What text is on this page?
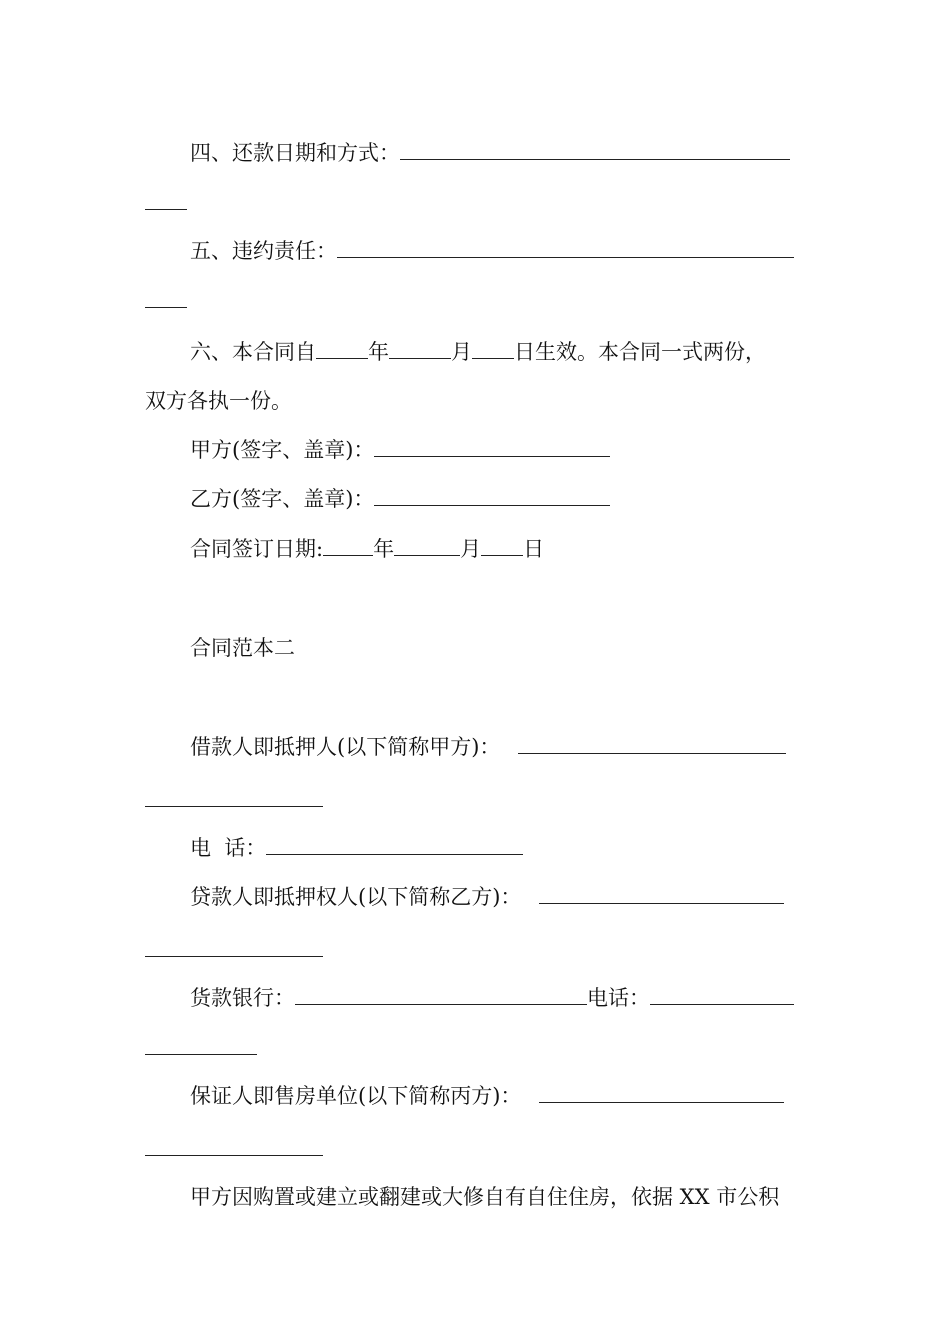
四、还款日期和方式：
五、违约责任：
六、本合同自 年	月 日生效。本合同一式两份，
双方各执一份。
甲方(签字、盖章)：
乙方(签字、盖章)：
合同签订日期: 年	月 日
合同范本二
借款人即抵押人(以下简称甲方)：
电  话：
贷款人即抵押权人(以下简称乙方)：
货款银行：	电话：
保证人即售房单位(以下简称丙方)：
甲方因购置或建立或翻建或大修自有自住住房，依据 XX 市公积
